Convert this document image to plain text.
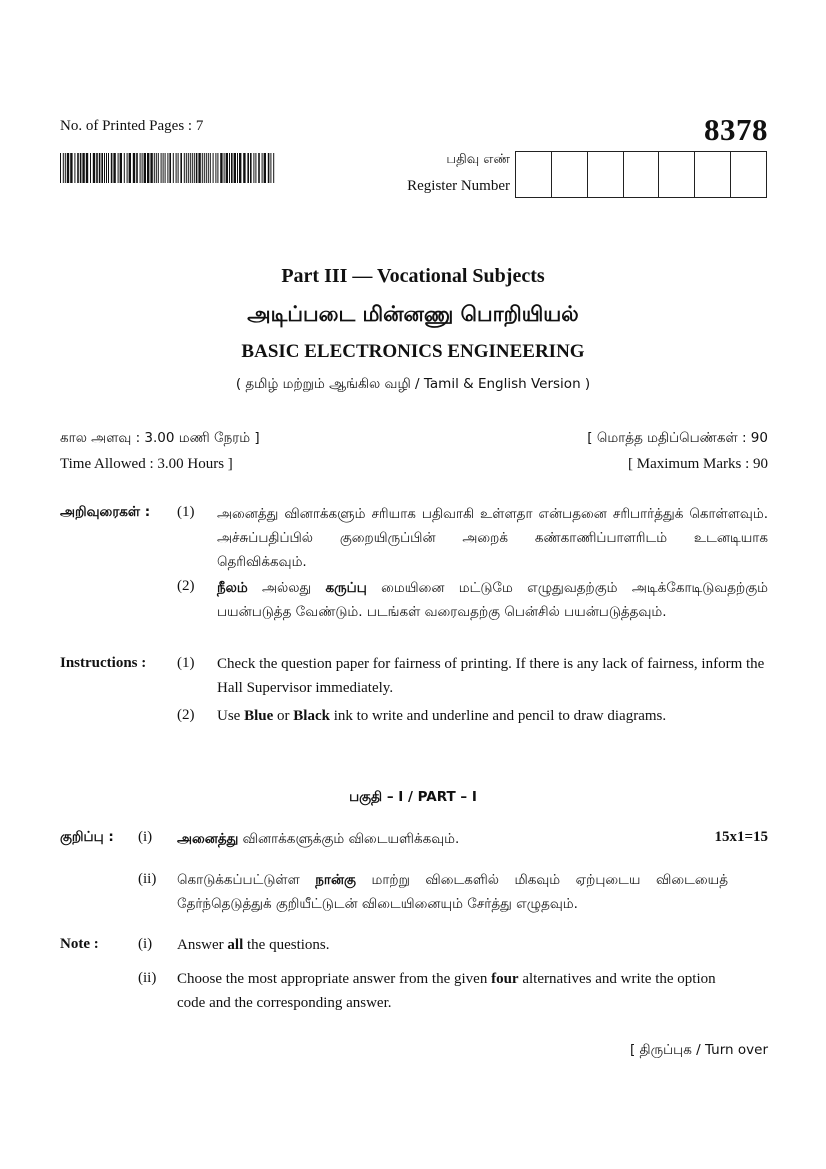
No. of Printed Pages : 7	8378
பதிவு எண்
Register Number
Part III — Vocational Subjects
அடிப்படை மின்னணு பொறியியல்
BASIC ELECTRONICS ENGINEERING
( தமிழ் மற்றும் ஆங்கில வழி / Tamil & English Version )
கால அளவு : 3.00 மணி நேரம் ]	[ மொத்த மதிப்பெண்கள் : 90
Time Allowed : 3.00 Hours ]	[ Maximum Marks : 90
அறிவுரைகள் : (1) அனைத்து வினாக்களும் சரியாக பதிவாகி உள்ளதா என்பதனை சரிபார்த்துக் கொள்ளவும். அச்சுப்பதிப்பில் குறையிருப்பின் அறைக் கண்காணிப்பாளரிடம் உடனடியாக தெரிவிக்கவும்.
(2) நீலம் அல்லது கருப்பு மையினை மட்டுமே எழுதுவதற்கும் அடிக்கோடிடுவதற்கும் பயன்படுத்த வேண்டும். படங்கள் வரைவதற்கு பென்சில் பயன்படுத்தவும்.
Instructions : (1) Check the question paper for fairness of printing. If there is any lack of fairness, inform the Hall Supervisor immediately.
(2) Use Blue or Black ink to write and underline and pencil to draw diagrams.
பகுதி – I / PART – I
குறிப்பு : (i) அனைத்து வினாக்களுக்கும் விடையளிக்கவும்.	15x1=15
(ii) கொடுக்கப்பட்டுள்ள நான்கு மாற்று விடைகளில் மிகவும் ஏற்புடைய விடையைத் தேர்ந்தெடுத்துக் குறியீட்டுடன் விடையினையும் சேர்த்து எழுதவும்.
Note :	(i) Answer all the questions.
(ii) Choose the most appropriate answer from the given four alternatives and write the option code and the corresponding answer.
[ திருப்புக / Turn over
